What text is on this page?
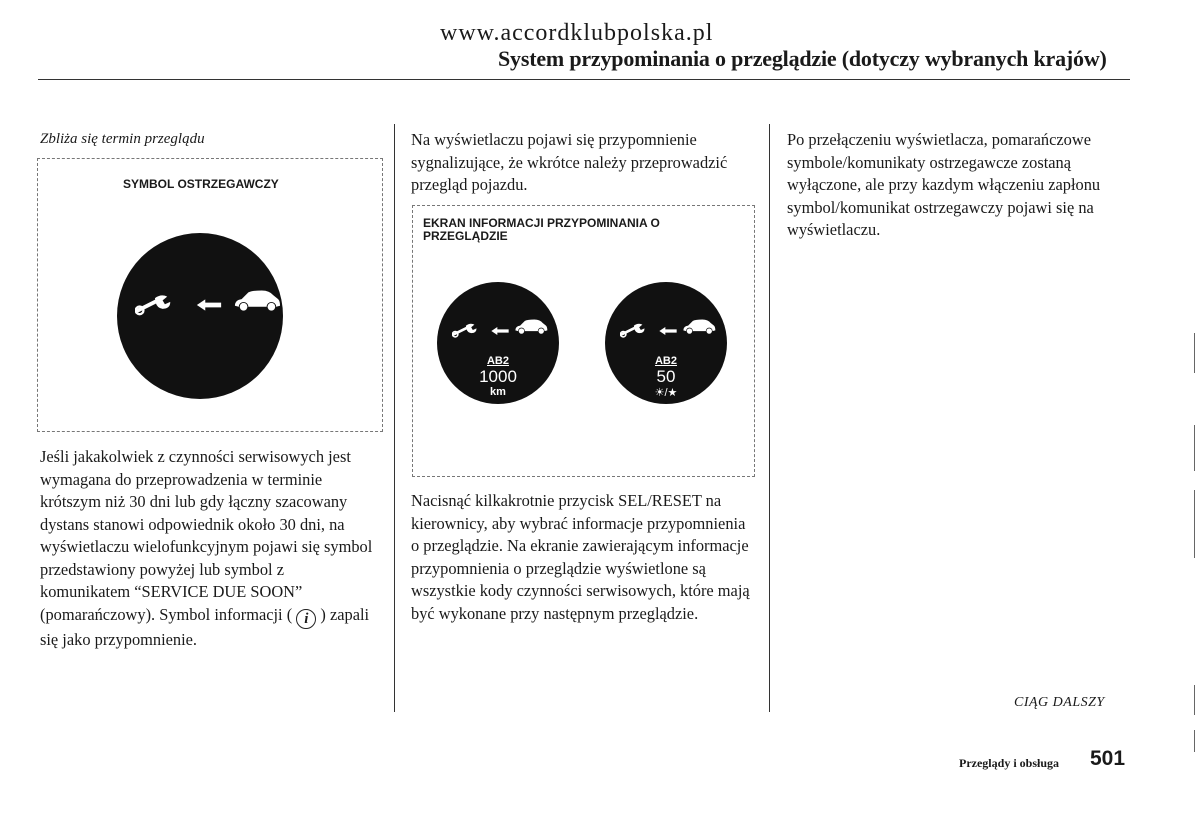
www.accordklubpolska.pl
System przypominania o przeglądzie (dotyczy wybranych krajów)
Zbliża się termin przeglądu
SYMBOL OSTRZEGAWCZY
Jeśli jakakolwiek z czynności serwisowych jest wymagana do przeprowadzenia w terminie krótszym niż 30 dni lub gdy łączny szacowany dystans stanowi odpowiednik około 30 dni, na wyświetlaczu wielofunkcyjnym pojawi się symbol przedstawiony powyżej lub symbol z komunikatem “SERVICE DUE SOON” (pomarańczowy). Symbol informacji ( i ) zapali się jako przypomnienie.
Na wyświetlaczu pojawi się przypomnienie sygnalizujące, że wkrótce należy przeprowadzić przegląd pojazdu.
EKRAN INFORMACJI PRZYPOMINANIA O PRZEGLĄDZIE
AB2
1000
km
AB2
50
☀/★
Nacisnąć kilkakrotnie przycisk SEL/RESET na kierownicy, aby wybrać informacje przypomnienia o przeglądzie. Na ekranie zawierającym informacje przypomnienia o przeglądzie wyświetlone są wszystkie kody czynności serwisowych, które mają być wykonane przy następnym przeglądzie.
Po przełączeniu wyświetlacza, pomarańczowe symbole/komunikaty ostrzegawcze zostaną wyłączone, ale przy kazdym włączeniu zapłonu symbol/komunikat ostrzegawczy pojawi się na wyświetlaczu.
CIĄG DALSZY
Przeglądy i obsługa 501
